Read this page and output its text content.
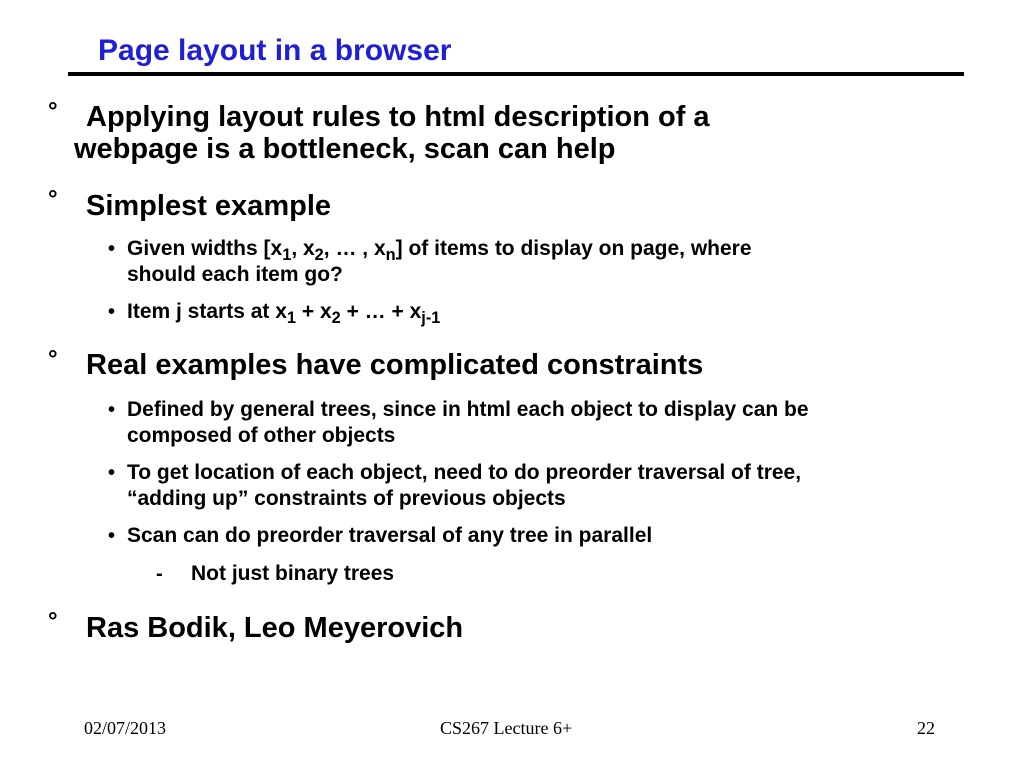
Page layout in a browser
° Applying layout rules to html description of a
webpage is a bottleneck, scan can help
° Simplest example
• Given widths [$x_1$, $x_2$, … , $x_n$] of items to display on page, where
should each item go?
• Item j starts at $x_1 + x_2$ + … + $x_{j-1}$
° Real examples have complicated constraints
• Defined by general trees, since in html each object to display can be
composed of other objects
• To get location of each object, need to do preorder traversal of tree,
“adding up” constraints of previous objects
• Scan can do preorder traversal of any tree in parallel
- Not just binary trees
° Ras Bodik, Leo Meyerovich
02/07/2013	CS267 Lecture 6+	22
